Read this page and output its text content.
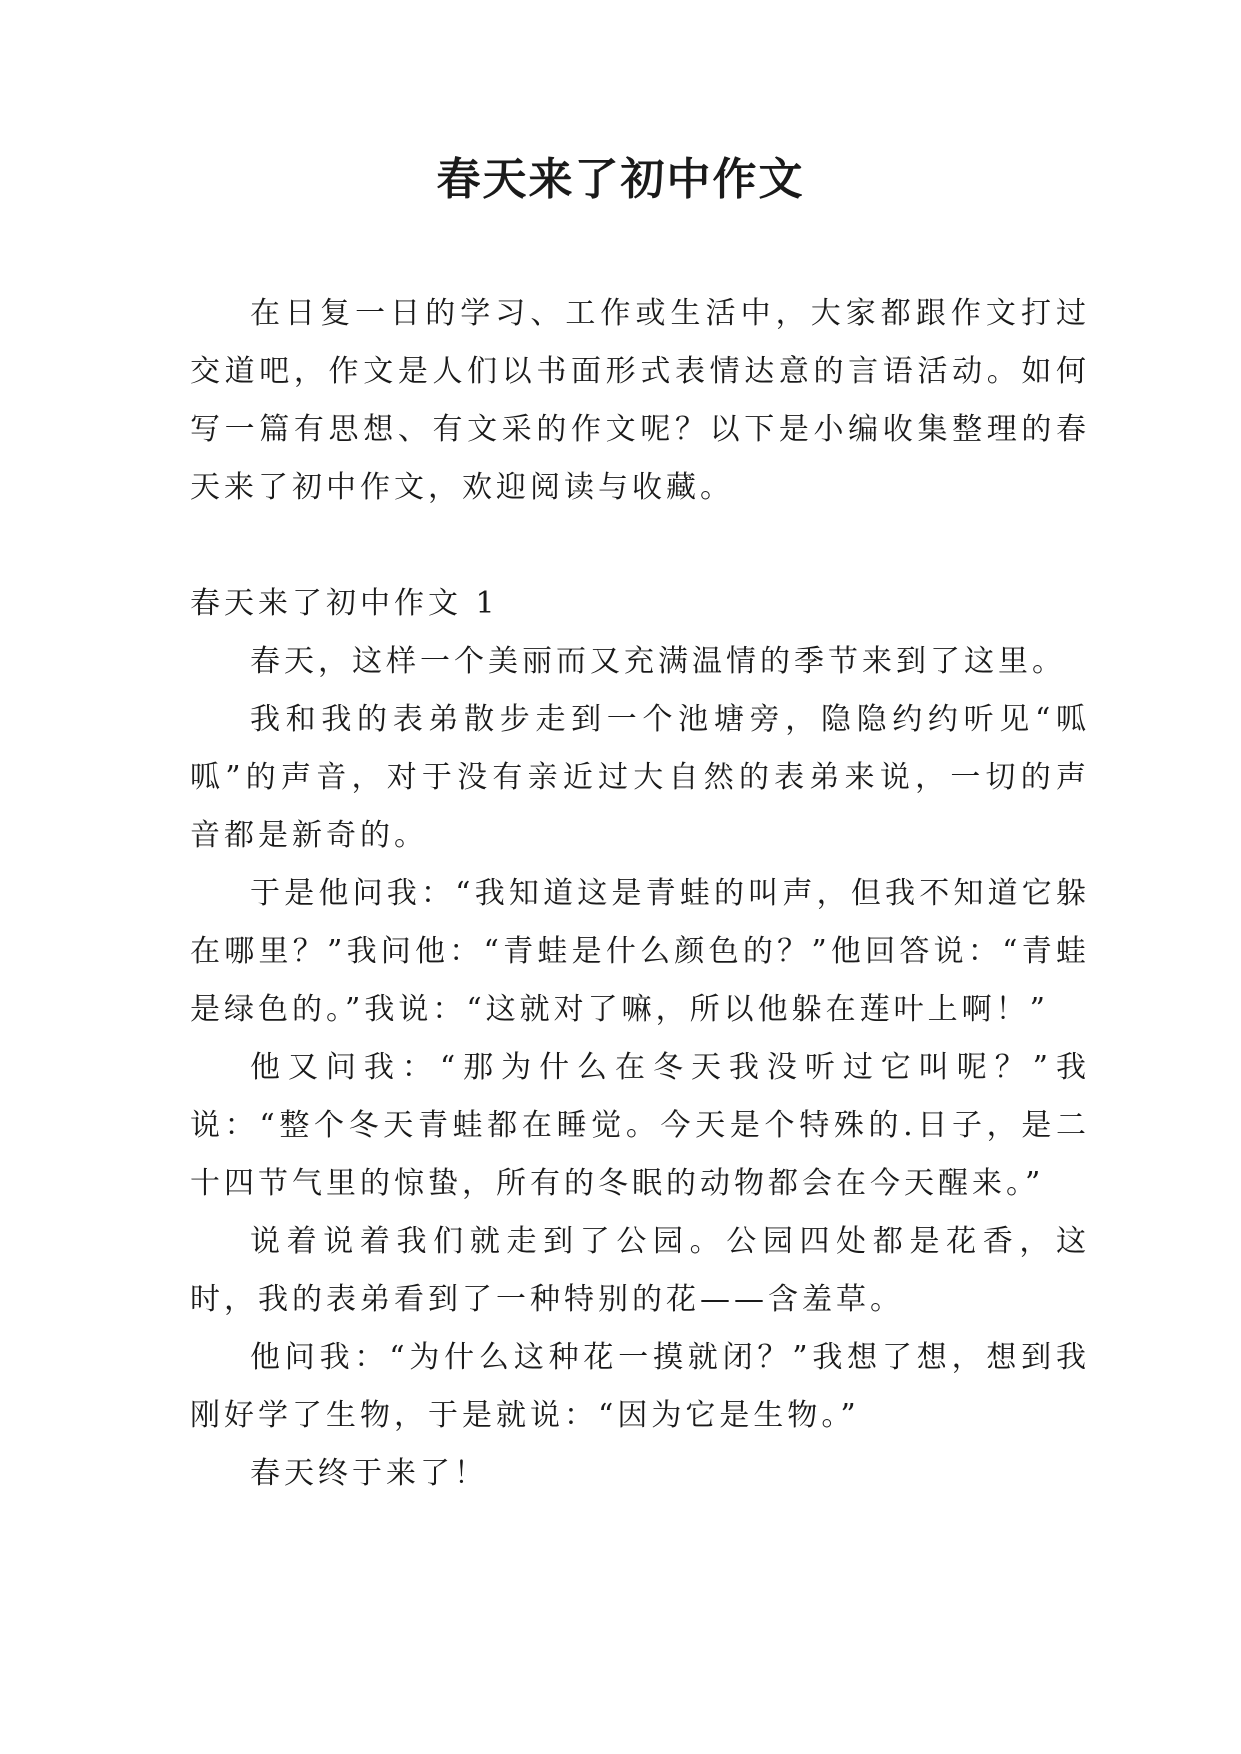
春天来了初中作文

在日复一日的学习、工作或生活中，大家都跟作文打过交道吧，作文是人们以书面形式表情达意的言语活动。如何写一篇有思想、有文采的作文呢？以下是小编收集整理的春天来了初中作文，欢迎阅读与收藏。

春天来了初中作文 1

春天，这样一个美丽而又充满温情的季节来到了这里。

我和我的表弟散步走到一个池塘旁，隐隐约约听见“呱呱”的声音，对于没有亲近过大自然的表弟来说，一切的声音都是新奇的。

于是他问我：“我知道这是青蛙的叫声，但我不知道它躲在哪里？”我问他：“青蛙是什么颜色的？”他回答说：“青蛙是绿色的。”我说：“这就对了嘛，所以他躲在莲叶上啊！”

他又问我：“那为什么在冬天我没听过它叫呢？”我说：“整个冬天青蛙都在睡觉。今天是个特殊的.日子，是二十四节气里的惊蛰，所有的冬眠的动物都会在今天醒来。”

说着说着我们就走到了公园。公园四处都是花香，这时，我的表弟看到了一种特别的花——含羞草。

他问我：“为什么这种花一摸就闭？”我想了想，想到我刚好学了生物，于是就说：“因为它是生物。”

春天终于来了！
